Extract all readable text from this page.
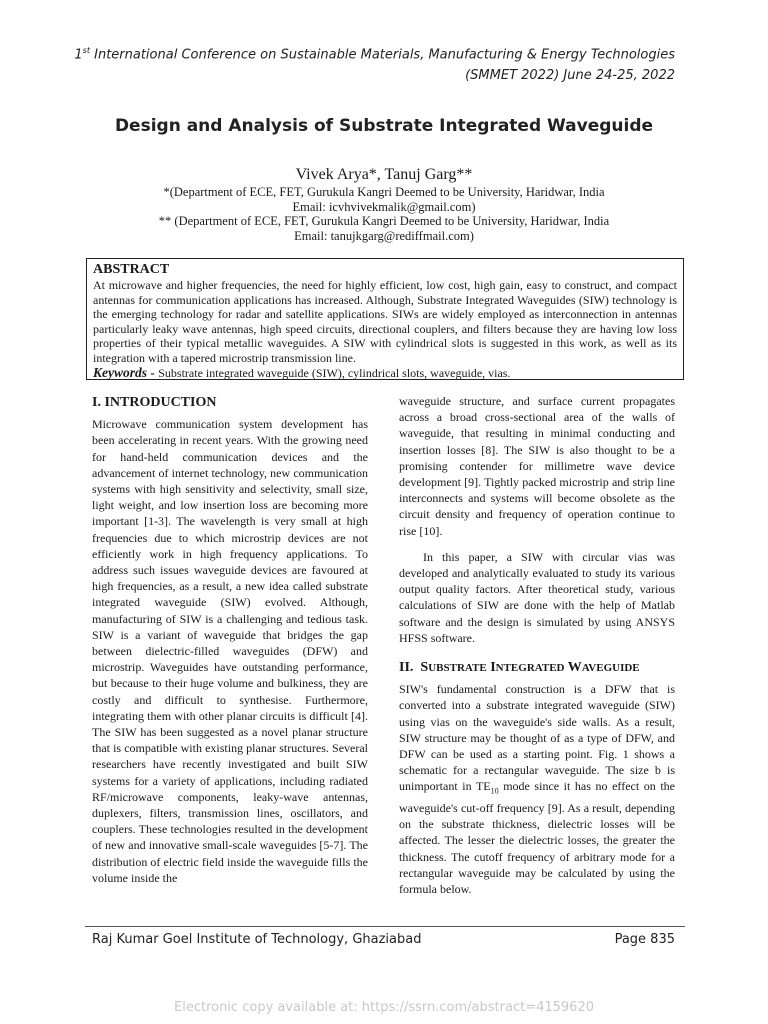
1st International Conference on Sustainable Materials, Manufacturing & Energy Technologies
(SMMET 2022) June 24-25, 2022
Design and Analysis of Substrate Integrated Waveguide
Vivek Arya*, Tanuj Garg**
*(Department of ECE, FET, Gurukula Kangri Deemed to be University, Haridwar, India
Email: icvhvivekmalik@gmail.com)
** (Department of ECE, FET, Gurukula Kangri Deemed to be University, Haridwar, India
Email: tanujkgarg@rediffmail.com)
ABSTRACT

At microwave and higher frequencies, the need for highly efficient, low cost, high gain, easy to construct, and compact antennas for communication applications has increased. Although, Substrate Integrated Waveguides (SIW) technology is the emerging technology for radar and satellite applications. SIWs are widely employed as interconnection in antennas particularly leaky wave antennas, high speed circuits, directional couplers, and filters because they are having low loss properties of their typical metallic waveguides. A SIW with cylindrical slots is suggested in this work, as well as its integration with a tapered microstrip transmission line.

Keywords - Substrate integrated waveguide (SIW), cylindrical slots, waveguide, vias.

I. INTRODUCTION

Microwave communication system development has been accelerating in recent years. With the growing need for hand-held communication devices and the advancement of internet technology, new communication systems with high sensitivity and selectivity, small size, light weight, and low insertion loss are becoming more important [1-3]. The wavelength is very small at high frequencies due to which microstrip devices are not efficiently work in high frequency applications. To address such issues waveguide devices are favoured at high frequencies, as a result, a new idea called substrate integrated waveguide (SIW) evolved. Although, manufacturing of SIW is a challenging and tedious task. SIW is a variant of waveguide that bridges the gap between dielectric-filled waveguides (DFW) and microstrip. Waveguides have outstanding performance, but because to their huge volume and bulkiness, they are costly and difficult to synthesise. Furthermore, integrating them with other planar circuits is difficult [4]. The SIW has been suggested as a novel planar structure that is compatible with existing planar structures. Several researchers have recently investigated and built SIW systems for a variety of applications, including radiated RF/microwave components, leaky-wave antennas, duplexers, filters, transmission lines, oscillators, and couplers. These technologies resulted in the development of new and innovative small-scale waveguides [5-7]. The distribution of electric field inside the waveguide fills the volume inside the

waveguide structure, and surface current propagates across a broad cross-sectional area of the walls of waveguide, that resulting in minimal conducting and insertion losses [8]. The SIW is also thought to be a promising contender for millimetre wave device development [9]. Tightly packed microstrip and strip line interconnects and systems will become obsolete as the circuit density and frequency of operation continue to rise [10].

In this paper, a SIW with circular vias was developed and analytically evaluated to study its various output quality factors. After theoretical study, various calculations of SIW are done with the help of Matlab software and the design is simulated by using ANSYS HFSS software.

II. SUBSTRATE INTEGRATED WAVEGUIDE

SIW's fundamental construction is a DFW that is converted into a substrate integrated waveguide (SIW) using vias on the waveguide's side walls. As a result, SIW structure may be thought of as a type of DFW, and DFW can be used as a starting point. Fig. 1 shows a schematic for a rectangular waveguide. The size b is unimportant in $TE_{10}$ mode since it has no effect on the waveguide's cut-off frequency [9]. As a result, depending on the substrate thickness, dielectric losses will be affected. The lesser the dielectric losses, the greater the thickness. The cutoff frequency of arbitrary mode for a rectangular waveguide may be calculated by using the formula below.

Raj Kumar Goel Institute of Technology, Ghaziabad	Page 835
Electronic copy available at: https://ssrn.com/abstract=4159620
